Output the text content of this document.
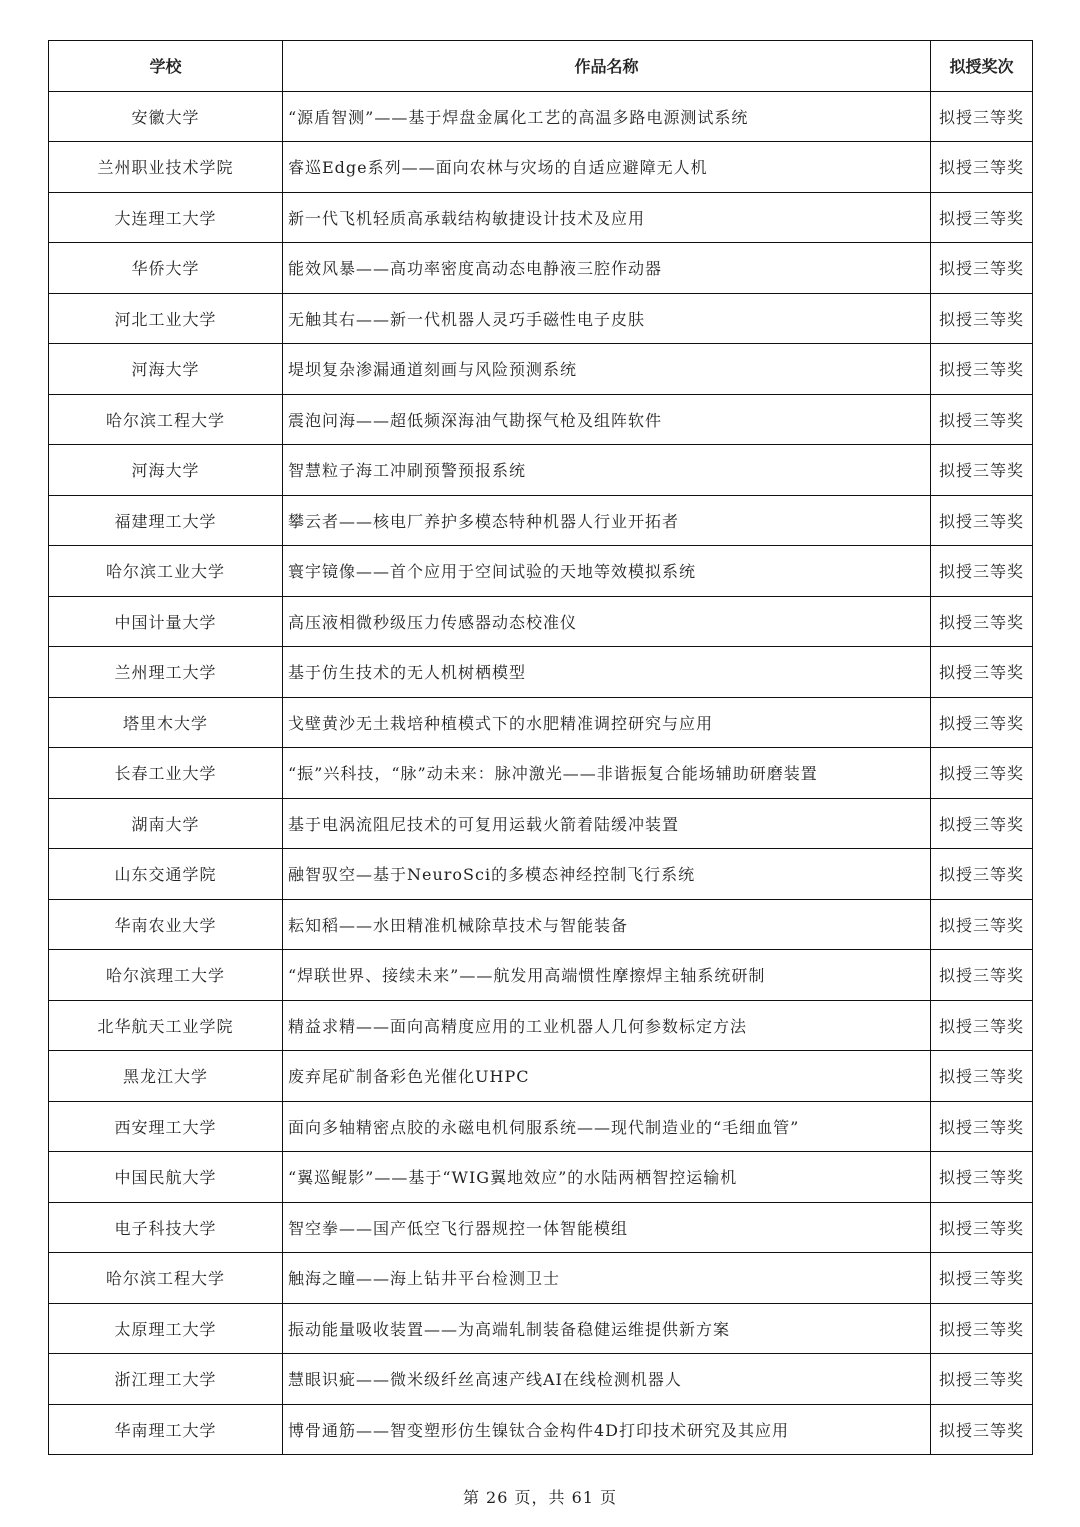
学校	作品名称	拟授奖次
安徽大学	“源盾智测”——基于焊盘金属化工艺的高温多路电源测试系统	拟授三等奖
兰州职业技术学院	睿巡Edge系列——面向农林与灾场的自适应避障无人机	拟授三等奖
大连理工大学	新一代飞机轻质高承载结构敏捷设计技术及应用	拟授三等奖
华侨大学	能效风暴——高功率密度高动态电静液三腔作动器	拟授三等奖
河北工业大学	无触其右——新一代机器人灵巧手磁性电子皮肤	拟授三等奖
河海大学	堤坝复杂渗漏通道刻画与风险预测系统	拟授三等奖
哈尔滨工程大学	震泡问海——超低频深海油气勘探气枪及组阵软件	拟授三等奖
河海大学	智慧粒子海工冲刷预警预报系统	拟授三等奖
福建理工大学	攀云者——核电厂养护多模态特种机器人行业开拓者	拟授三等奖
哈尔滨工业大学	寰宇镜像——首个应用于空间试验的天地等效模拟系统	拟授三等奖
中国计量大学	高压液相微秒级压力传感器动态校准仪	拟授三等奖
兰州理工大学	基于仿生技术的无人机树栖模型	拟授三等奖
塔里木大学	戈壁黄沙无土栽培种植模式下的水肥精准调控研究与应用	拟授三等奖
长春工业大学	“振”兴科技，“脉”动未来：脉冲激光——非谐振复合能场辅助研磨装置	拟授三等奖
湖南大学	基于电涡流阻尼技术的可复用运载火箭着陆缓冲装置	拟授三等奖
山东交通学院	融智驭空—基于NeuroSci的多模态神经控制飞行系统	拟授三等奖
华南农业大学	耘知稻——水田精准机械除草技术与智能装备	拟授三等奖
哈尔滨理工大学	“焊联世界、接续未来”——航发用高端惯性摩擦焊主轴系统研制	拟授三等奖
北华航天工业学院	精益求精——面向高精度应用的工业机器人几何参数标定方法	拟授三等奖
黑龙江大学	废弃尾矿制备彩色光催化UHPC	拟授三等奖
西安理工大学	面向多轴精密点胶的永磁电机伺服系统——现代制造业的“毛细血管”	拟授三等奖
中国民航大学	“翼巡鲲影”——基于“WIG翼地效应”的水陆两栖智控运输机	拟授三等奖
电子科技大学	智空拳——国产低空飞行器规控一体智能模组	拟授三等奖
哈尔滨工程大学	触海之瞳——海上钻井平台检测卫士	拟授三等奖
太原理工大学	振动能量吸收装置——为高端轧制装备稳健运维提供新方案	拟授三等奖
浙江理工大学	慧眼识疵——微米级纤丝高速产线AI在线检测机器人	拟授三等奖
华南理工大学	博骨通筋——智变塑形仿生镍钛合金构件4D打印技术研究及其应用	拟授三等奖
第 26 页，共 61 页
